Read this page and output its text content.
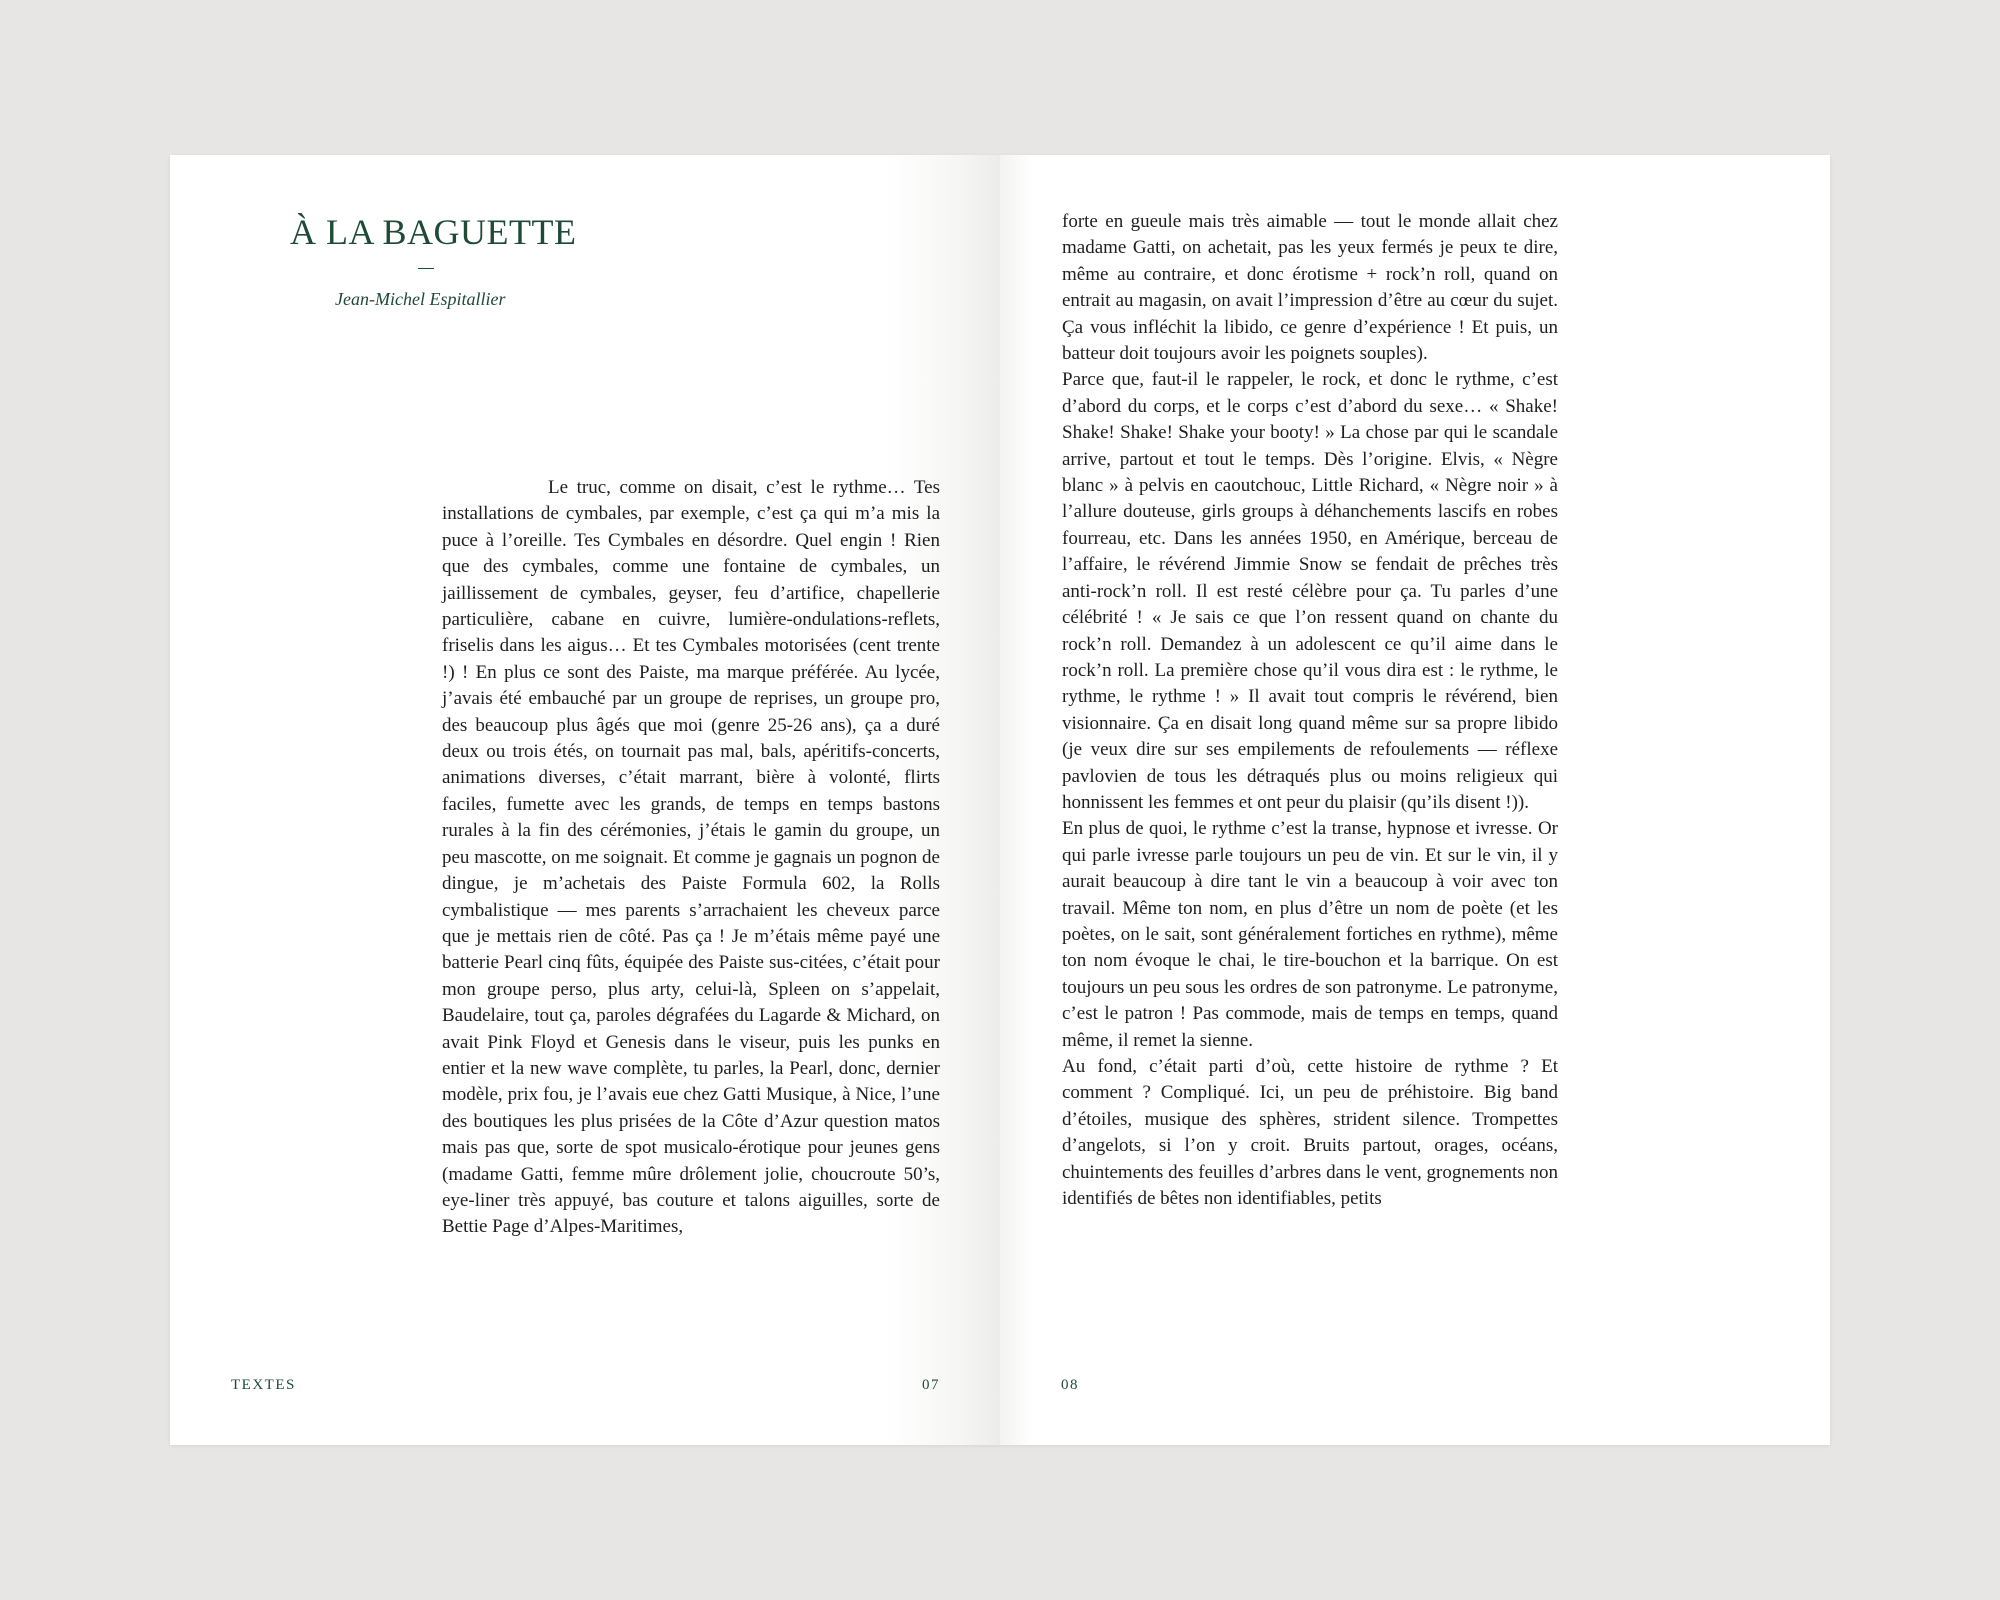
À LA BAGUETTE
Jean-Michel Espitallier

Le truc, comme on disait, c’est le rythme… Tes installations de cymbales, par exemple, c’est ça qui m’a mis la puce à l’oreille. Tes Cymbales en désordre. Quel engin ! Rien que des cymbales, comme une fontaine de cymbales, un jaillissement de cymbales, geyser, feu d’artifice, chapellerie particulière, cabane en cuivre, lumière-ondulations-reflets, friselis dans les aigus… Et tes Cymbales motorisées (cent trente !) ! En plus ce sont des Paiste, ma marque préférée. Au lycée, j’avais été embauché par un groupe de reprises, un groupe pro, des beaucoup plus âgés que moi (genre 25-26 ans), ça a duré deux ou trois étés, on tournait pas mal, bals, apéritifs-concerts, animations diverses, c’était marrant, bière à volonté, flirts faciles, fumette avec les grands, de temps en temps bastons rurales à la fin des cérémonies, j’étais le gamin du groupe, un peu mascotte, on me soignait. Et comme je gagnais un pognon de dingue, je m’achetais des Paiste Formula 602, la Rolls cymbalistique — mes parents s’arrachaient les cheveux parce que je mettais rien de côté. Pas ça ! Je m’étais même payé une batterie Pearl cinq fûts, équipée des Paiste sus-citées, c’était pour mon groupe perso, plus arty, celui-là, Spleen on s’appelait, Baudelaire, tout ça, paroles dégrafées du Lagarde & Michard, on avait Pink Floyd et Genesis dans le viseur, puis les punks en entier et la new wave complète, tu parles, la Pearl, donc, dernier modèle, prix fou, je l’avais eue chez Gatti Musique, à Nice, l’une des boutiques les plus prisées de la Côte d’Azur question matos mais pas que, sorte de spot musicalo-érotique pour jeunes gens (madame Gatti, femme mûre drôlement jolie, choucroute 50’s, eye-liner très appuyé, bas couture et talons aiguilles, sorte de Bettie Page d’Alpes-Maritimes,

TEXTES	07

forte en gueule mais très aimable — tout le monde allait chez madame Gatti, on achetait, pas les yeux fermés je peux te dire, même au contraire, et donc érotisme + rock’n roll, quand on entrait au magasin, on avait l’impression d’être au cœur du sujet. Ça vous infléchit la libido, ce genre d’expérience ! Et puis, un batteur doit toujours avoir les poignets souples).

Parce que, faut-il le rappeler, le rock, et donc le rythme, c’est d’abord du corps, et le corps c’est d’abord du sexe… « Shake! Shake! Shake! Shake your booty! » La chose par qui le scandale arrive, partout et tout le temps. Dès l’origine. Elvis, « Nègre blanc » à pelvis en caoutchouc, Little Richard, « Nègre noir » à l’allure douteuse, girls groups à déhanchements lascifs en robes fourreau, etc. Dans les années 1950, en Amérique, berceau de l’affaire, le révérend Jimmie Snow se fendait de prêches très anti-rock’n roll. Il est resté célèbre pour ça. Tu parles d’une célébrité ! « Je sais ce que l’on ressent quand on chante du rock’n roll. Demandez à un adolescent ce qu’il aime dans le rock’n roll. La première chose qu’il vous dira est : le rythme, le rythme, le rythme ! » Il avait tout compris le révérend, bien visionnaire. Ça en disait long quand même sur sa propre libido (je veux dire sur ses empilements de refoulements — réflexe pavlovien de tous les détraqués plus ou moins religieux qui honnissent les femmes et ont peur du plaisir (qu’ils disent !)).

En plus de quoi, le rythme c’est la transe, hypnose et ivresse. Or qui parle ivresse parle toujours un peu de vin. Et sur le vin, il y aurait beaucoup à dire tant le vin a beaucoup à voir avec ton travail. Même ton nom, en plus d’être un nom de poète (et les poètes, on le sait, sont généralement fortiches en rythme), même ton nom évoque le chai, le tire-bouchon et la barrique. On est toujours un peu sous les ordres de son patronyme. Le patronyme, c’est le patron ! Pas commode, mais de temps en temps, quand même, il remet la sienne.

Au fond, c’était parti d’où, cette histoire de rythme ? Et comment ? Compliqué. Ici, un peu de préhistoire. Big band d’étoiles, musique des sphères, strident silence. Trompettes d’angelots, si l’on y croit. Bruits partout, orages, océans, chuintements des feuilles d’arbres dans le vent, grognements non identifiés de bêtes non identifiables, petits

08
